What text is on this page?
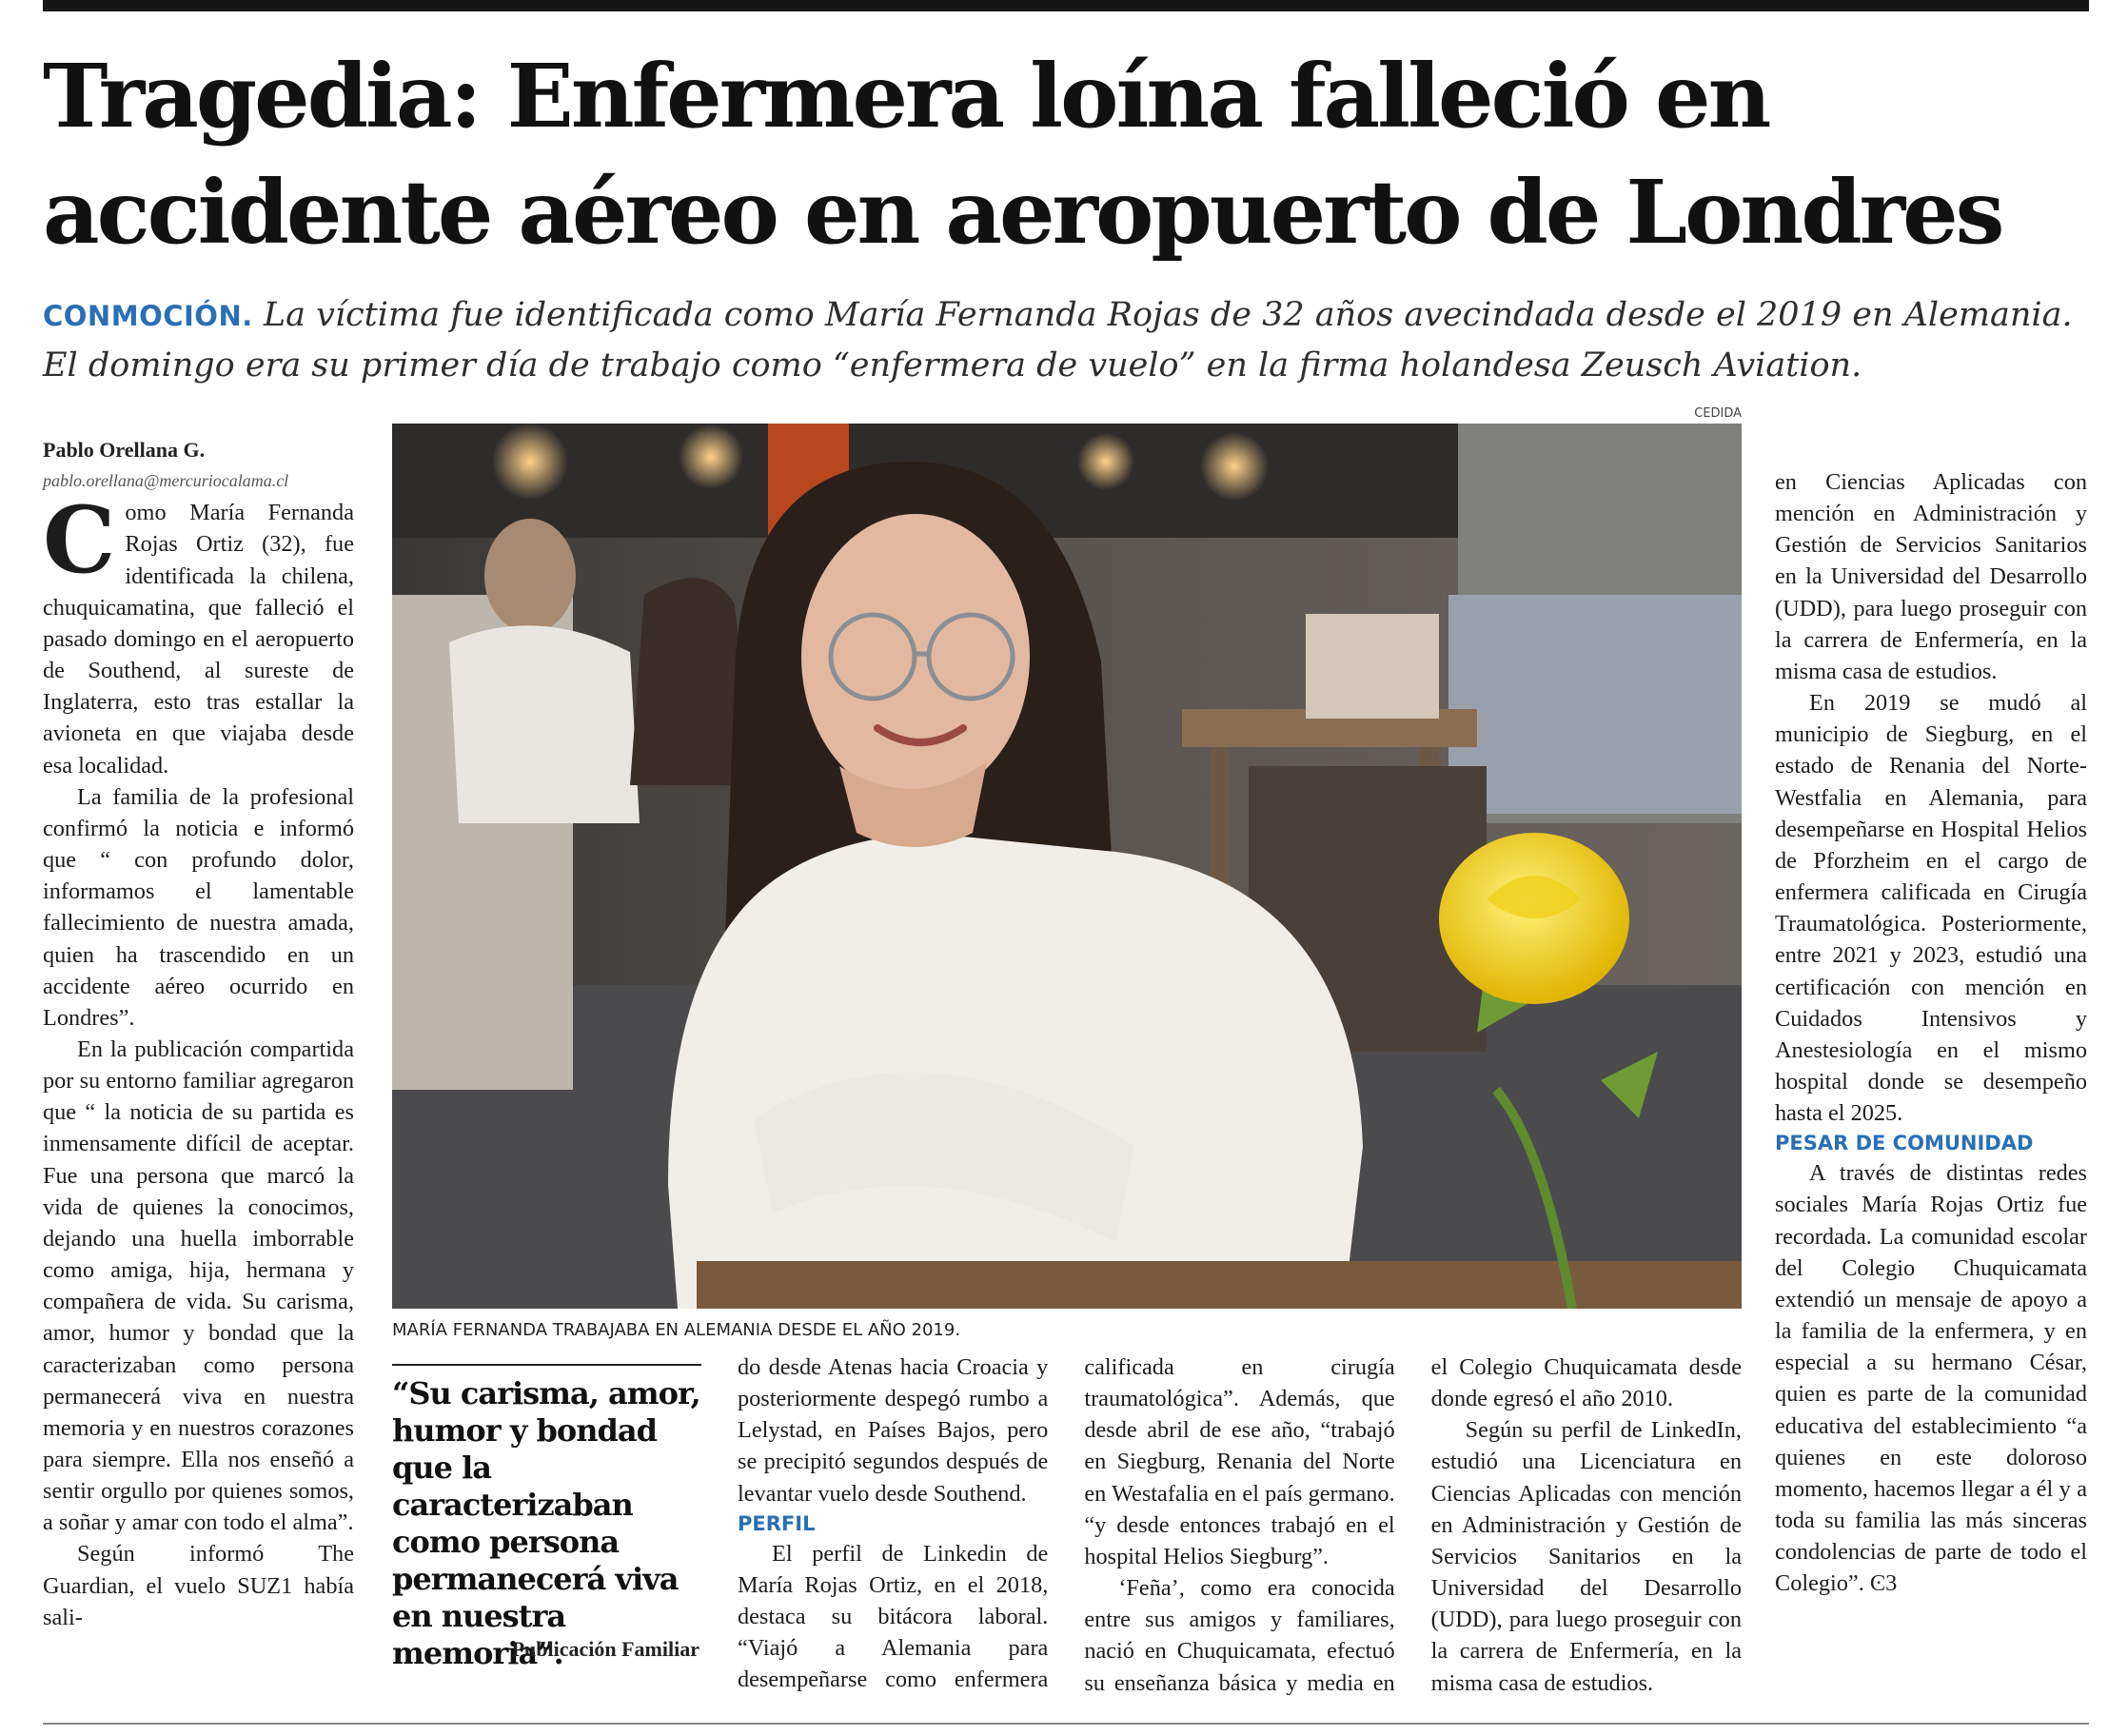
Tragedia: Enfermera loína falleció en
accidente aéreo en aeropuerto de Londres

CONMOCIÓN. La víctima fue identificada como María Fernanda Rojas de 32 años avecindada desde el 2019 en Alemania. El domingo era su primer día de trabajo como “enfermera de vuelo” en la firma holandesa Zeusch Aviation.

CEDIDA
MARÍA FERNANDA TRABAJABA EN ALEMANIA DESDE EL AÑO 2019.

Pablo Orellana G.

pablo.orellana@mercuriocalama.cl

Como María Fernanda Rojas Ortiz (32), fue identificada la chilena, chuquicamatina, que falleció el pasado domingo en el aeropuerto de Southend, al sureste de Inglaterra, esto tras estallar la avioneta en que viajaba desde esa localidad.

La familia de la profesional confirmó la noticia e informó que “ con profundo dolor, informamos el lamentable fallecimiento de nuestra amada, quien ha trascendido en un accidente aéreo ocurrido en Londres”.

En la publicación compartida por su entorno familiar agregaron que “ la noticia de su partida es inmensamente difícil de aceptar. Fue una persona que marcó la vida de quienes la conocimos, dejando una huella imborrable como amiga, hija, hermana y compañera de vida. Su carisma, amor, humor y bondad que la caracterizaban como persona permanecerá viva en nuestra memoria y en nuestros corazones para siempre. Ella nos enseñó a sentir orgullo por quienes somos, a soñar y amar con todo el alma”.

Según informó The Guardian, el vuelo SUZ1 había sali-

“Su carisma, amor, humor y bondad que la caracterizaban como persona permanecerá viva en nuestra memoria”.
Publicación Familiar

do desde Atenas hacia Croacia y posteriormente despegó rumbo a Lelystad, en Países Bajos, pero se precipitó segundos después de levantar vuelo desde Southend.

PERFIL

El perfil de Linkedin de María Rojas Ortiz, en el 2018, destaca su bitácora laboral. “Viajó a Alemania para desempeñarse como enfermera calificada en cirugía traumatológica”. Además, que desde abril de ese año, “trabajó en Siegburg, Renania del Norte en Westafalia en el país germano. “y desde entonces trabajó en el hospital Helios Siegburg”.

‘Feña’, como era conocida entre sus amigos y familiares, nació en Chuquicamata, efectuó su enseñanza básica y media en el Colegio Chuquicamata desde donde egresó el año 2010.

Según su perfil de LinkedIn, estudió una Licenciatura en Ciencias Aplicadas con mención en Administración y Gestión de Servicios Sanitarios en la Universidad del Desarrollo (UDD), para luego proseguir con la carrera de Enfermería, en la misma casa de estudios.

en Ciencias Aplicadas con mención en Administración y Gestión de Servicios Sanitarios en la Universidad del Desarrollo (UDD), para luego proseguir con la carrera de Enfermería, en la misma casa de estudios.

En 2019 se mudó al municipio de Siegburg, en el estado de Renania del Norte-Westfalia en Alemania, para desempeñarse en Hospital Helios de Pforzheim en el cargo de enfermera calificada en Cirugía Traumatológica. Posteriormente, entre 2021 y 2023, estudió una certificación con mención en Cuidados Intensivos y Anestesiología en el mismo hospital donde se desempeño hasta el 2025.

PESAR DE COMUNIDAD

A través de distintas redes sociales María Rojas Ortiz fue recordada. La comunidad escolar del Colegio Chuquicamata extendió un mensaje de apoyo a la familia de la enfermera, y en especial a su hermano César, quien es parte de la comunidad educativa del establecimiento “a quienes en este doloroso momento, hacemos llegar a él y a toda su familia las más sinceras condolencias de parte de todo el Colegio”. Ͼ3
